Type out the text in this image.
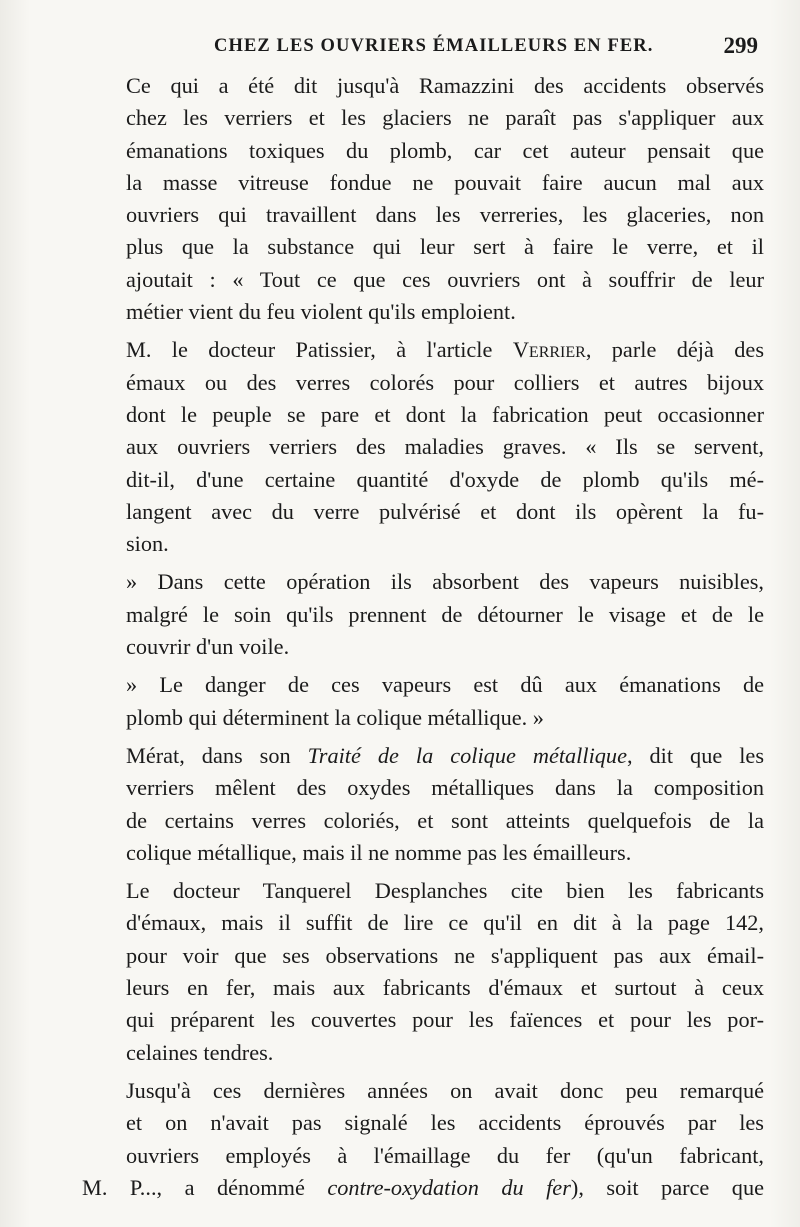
CHEZ LES OUVRIERS ÉMAILLEURS EN FER.	299

Ce qui a été dit jusqu'à Ramazzini des accidents observés
chez les verriers et les glaciers ne paraît pas s'appliquer aux
émanations toxiques du plomb, car cet auteur pensait que
la masse vitreuse fondue ne pouvait faire aucun mal aux
ouvriers qui travaillent dans les verreries, les glaceries, non
plus que la substance qui leur sert à faire le verre, et il
ajoutait : « Tout ce que ces ouvriers ont à souffrir de leur
métier vient du feu violent qu'ils emploient.

M. le docteur Patissier, à l'article Verrier, parle déjà des
émaux ou des verres colorés pour colliers et autres bijoux
dont le peuple se pare et dont la fabrication peut occasionner
aux ouvriers verriers des maladies graves. « Ils se servent,
dit-il, d'une certaine quantité d'oxyde de plomb qu'ils mé-
langent avec du verre pulvérisé et dont ils opèrent la fu-
sion.

» Dans cette opération ils absorbent des vapeurs nuisibles,
malgré le soin qu'ils prennent de détourner le visage et de le
couvrir d'un voile.

» Le danger de ces vapeurs est dû aux émanations de
plomb qui déterminent la colique métallique. »

Mérat, dans son Traité de la colique métallique, dit que les
verriers mêlent des oxydes métalliques dans la composition
de certains verres coloriés, et sont atteints quelquefois de la
colique métallique, mais il ne nomme pas les émailleurs.

Le docteur Tanquerel Desplanches cite bien les fabricants
d'émaux, mais il suffit de lire ce qu'il en dit à la page 142,
pour voir que ses observations ne s'appliquent pas aux émail-
leurs en fer, mais aux fabricants d'émaux et surtout à ceux
qui préparent les couvertes pour les faïences et pour les por-
celaines tendres.

Jusqu'à ces dernières années on avait donc peu remarqué
et on n'avait pas signalé les accidents éprouvés par les
ouvriers employés à l'émaillage du fer (qu'un fabricant,
M. P..., a dénommé contre-oxydation du fer), soit parce que
